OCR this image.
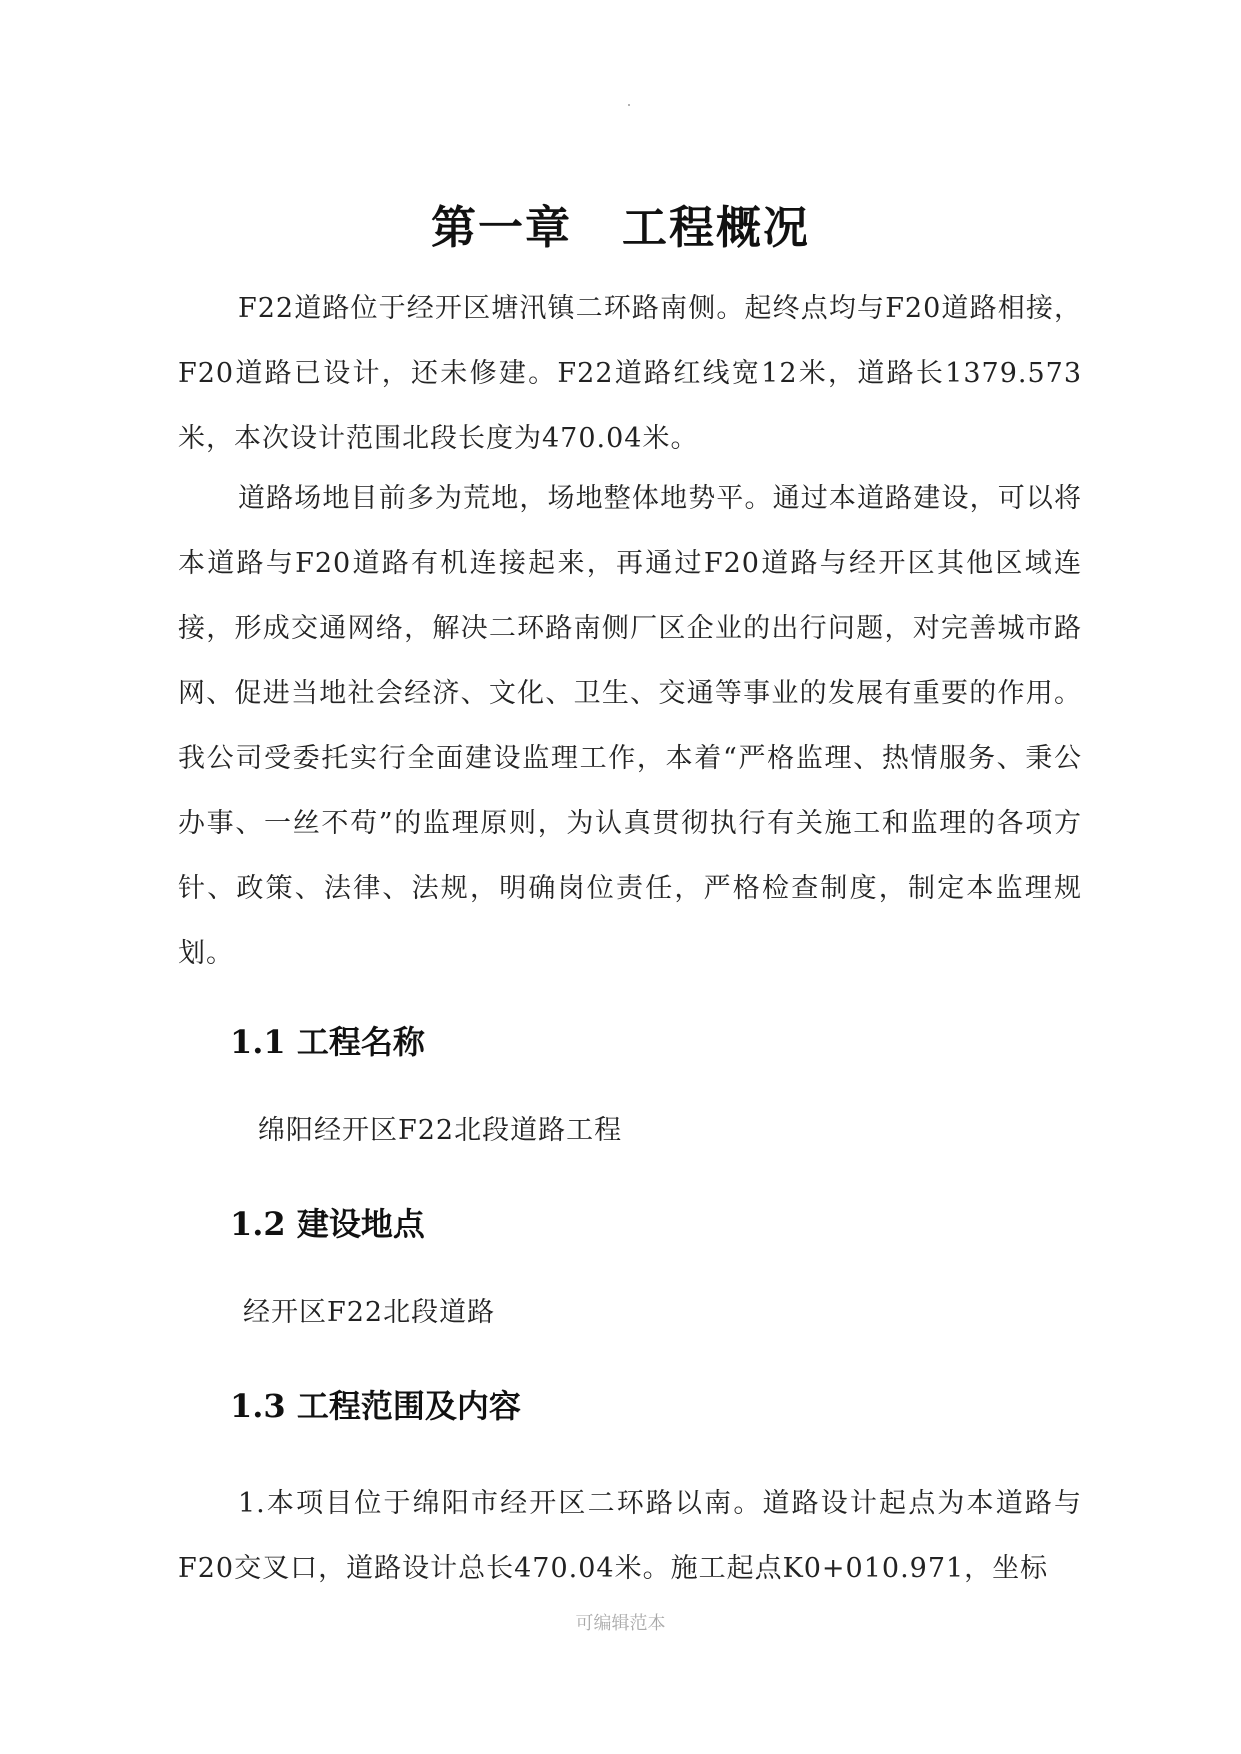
第一章 工程概况

F22道路位于经开区塘汛镇二环路南侧。起终点均与F20道路相接，F20道路已设计，还未修建。F22道路红线宽12米，道路长1379.573米，本次设计范围北段长度为470.04米。

道路场地目前多为荒地，场地整体地势平。通过本道路建设，可以将本道路与F20道路有机连接起来，再通过F20道路与经开区其他区域连接，形成交通网络，解决二环路南侧厂区企业的出行问题，对完善城市路网、促进当地社会经济、文化、卫生、交通等事业的发展有重要的作用。我公司受委托实行全面建设监理工作，本着“严格监理、热情服务、秉公办事、一丝不苟”的监理原则，为认真贯彻执行有关施工和监理的各项方针、政策、法律、法规，明确岗位责任，严格检查制度，制定本监理规划。

1.1 工程名称

绵阳经开区F22北段道路工程

1.2 建设地点

经开区F22北段道路

1.3 工程范围及内容

1.本项目位于绵阳市经开区二环路以南。道路设计起点为本道路与F20交叉口，道路设计总长470.04米。施工起点K0+010.971，坐标

可编辑范本
